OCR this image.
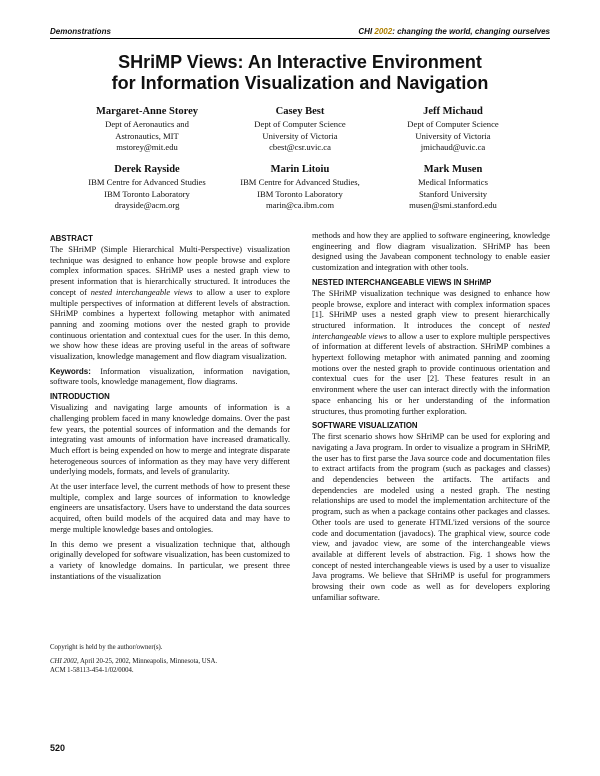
Demonstrations	CHI 2002: changing the world, changing ourselves
SHriMP Views: An Interactive Environment
for Information Visualization and Navigation
Margaret-Anne Storey
Dept of Aeronautics and
Astronautics, MIT
mstorey@mit.edu
Casey Best
Dept of Computer Science
University of Victoria
cbest@csr.uvic.ca
Jeff Michaud
Dept of Computer Science
University of Victoria
jmichaud@uvic.ca
Derek Rayside
IBM Centre for Advanced Studies
IBM Toronto Laboratory
drayside@acm.org
Marin Litoiu
IBM Centre for Advanced Studies,
IBM Toronto Laboratory
marin@ca.ibm.com
Mark Musen
Medical Informatics
Stanford University
musen@smi.stanford.edu
ABSTRACT

The SHriMP (Simple Hierarchical Multi-Perspective) visualization technique was designed to enhance how people browse and explore complex information spaces. SHriMP uses a nested graph view to present information that is hierarchically structured. It introduces the concept of nested interchangeable views to allow a user to explore multiple perspectives of information at different levels of abstraction. SHriMP combines a hypertext following metaphor with animated panning and zooming motions over the nested graph to provide continuous orientation and contextual cues for the user. In this demo, we show how these ideas are proving useful in the areas of software visualization, knowledge management and flow diagram visualization.

Keywords: Information visualization, information navigation, software tools, knowledge management, flow diagrams.

INTRODUCTION

Visualizing and navigating large amounts of information is a challenging problem faced in many knowledge domains. Over the past few years, the potential sources of information and the demands for integrating vast amounts of information have increased dramatically. Much effort is being expended on how to merge and integrate disparate heterogeneous sources of information as they may have very different underlying models, formats, and levels of granularity.

At the user interface level, the current methods of how to present these multiple, complex and large sources of information to knowledge engineers are unsatisfactory. Users have to understand the data sources acquired, often build models of the acquired data and may have to merge multiple knowledge bases and ontologies.

In this demo we present a visualization technique that, although originally developed for software visualization, has been customized to a variety of knowledge domains. In particular, we present three instantiations of the visualization

Copyright is held by the author/owner(s).

CHI 2002, April 20-25, 2002, Minneapolis, Minnesota, USA.
ACM 1-58113-454-1/02/0004.

methods and how they are applied to software engineering, knowledge engineering and flow diagram visualization. SHriMP has been designed using the Javabean component technology to enable easier customization and integration with other tools.

NESTED INTERCHANGEABLE VIEWS IN SHriMP

The SHriMP visualization technique was designed to enhance how people browse, explore and interact with complex information spaces [1]. SHriMP uses a nested graph view to present hierarchically structured information. It introduces the concept of nested interchangeable views to allow a user to explore multiple perspectives of information at different levels of abstraction. SHriMP combines a hypertext following metaphor with animated panning and zooming motions over the nested graph to provide continuous orientation and contextual cues for the user [2]. These features result in an environment where the user can interact directly with the information space enhancing his or her understanding of the information structures, thus promoting further exploration.

SOFTWARE VISUALIZATION

The first scenario shows how SHriMP can be used for exploring and navigating a Java program. In order to visualize a program in SHriMP, the user has to first parse the Java source code and documentation files to extract artifacts from the program (such as packages and classes) and dependencies between the artifacts. The artifacts and dependencies are modeled using a nested graph. The nesting relationships are used to model the implementation architecture of the program, such as when a package contains other packages and classes. Other tools are used to generate HTML'ized versions of the source code and documentation (javadocs). The graphical view, source code view, and javadoc view, are some of the interchangeable views available at different levels of abstraction. Fig. 1 shows how the concept of nested interchangeable views is used by a user to visualize Java programs. We believe that SHriMP is useful for programmers browsing their own code as well as for developers exploring unfamiliar software.

520
